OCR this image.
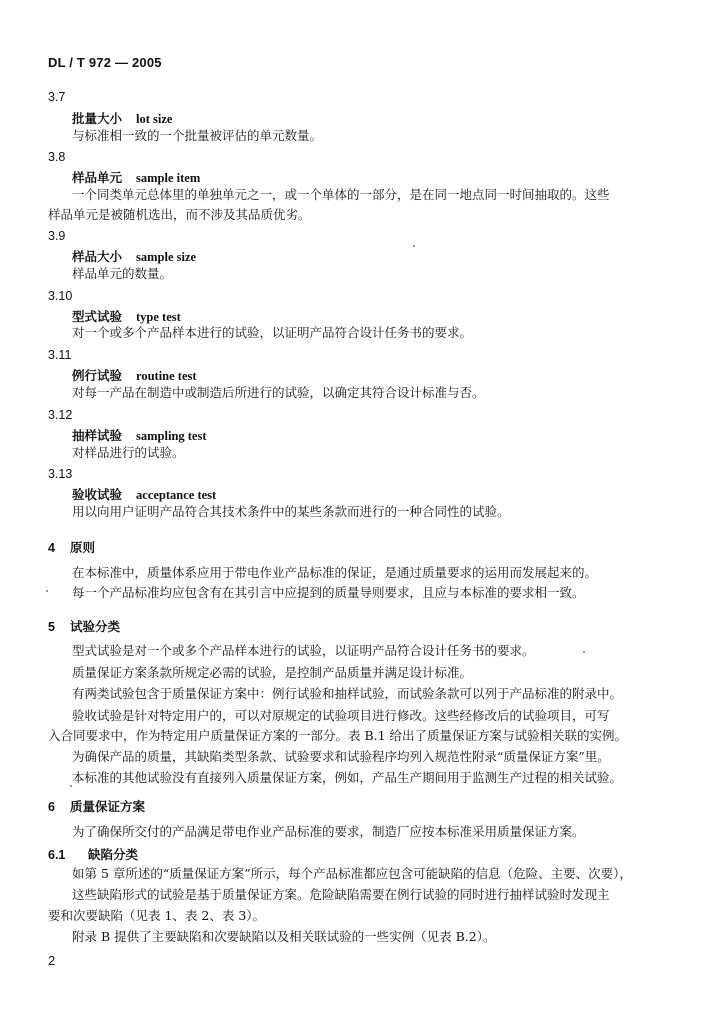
DL / T 972 — 2005
3.7
批量大小 lot size
与标准相一致的一个批量被评估的单元数量。
3.8
样品单元 sample item
一个同类单元总体里的单独单元之一，或一个单体的一部分，是在同一地点同一时间抽取的。这些
样品单元是被随机选出，而不涉及其品质优劣。
3.9
样品大小 sample size
样品单元的数量。
3.10
型式试验 type test
对一个或多个产品样本进行的试验，以证明产品符合设计任务书的要求。
3.11
例行试验 routine test
对每一产品在制造中或制造后所进行的试验，以确定其符合设计标准与否。
3.12
抽样试验 sampling test
对样品进行的试验。
3.13
验收试验 acceptance test
用以向用户证明产品符合其技术条件中的某些条款而进行的一种合同性的试验。
4 原则
在本标准中，质量体系应用于带电作业产品标准的保证，是通过质量要求的运用而发展起来的。
每一个产品标准均应包含有在其引言中应提到的质量导则要求，且应与本标准的要求相一致。
5 试验分类
型式试验是对一个或多个产品样本进行的试验，以证明产品符合设计任务书的要求。
质量保证方案条款所规定必需的试验，是控制产品质量并满足设计标准。
有两类试验包含于质量保证方案中：例行试验和抽样试验，而试验条款可以列于产品标准的附录中。
验收试验是针对特定用户的，可以对原规定的试验项目进行修改。这些经修改后的试验项目，可写
入合同要求中，作为特定用户质量保证方案的一部分。表 B.1 给出了质量保证方案与试验相关联的实例。
为确保产品的质量，其缺陷类型条款、试验要求和试验程序均列入规范性附录“质量保证方案”里。
本标准的其他试验没有直接列入质量保证方案，例如，产品生产期间用于监测生产过程的相关试验。
6 质量保证方案
为了确保所交付的产品满足带电作业产品标准的要求，制造厂应按本标准采用质量保证方案。
6.1 缺陷分类
如第 5 章所述的“质量保证方案”所示，每个产品标准都应包含可能缺陷的信息（危险、主要、次要），
这些缺陷形式的试验是基于质量保证方案。危险缺陷需要在例行试验的同时进行抽样试验时发现主
要和次要缺陷（见表 1、表 2、表 3）。
附录 B 提供了主要缺陷和次要缺陷以及相关联试验的一些实例（见表 B.2）。
2
